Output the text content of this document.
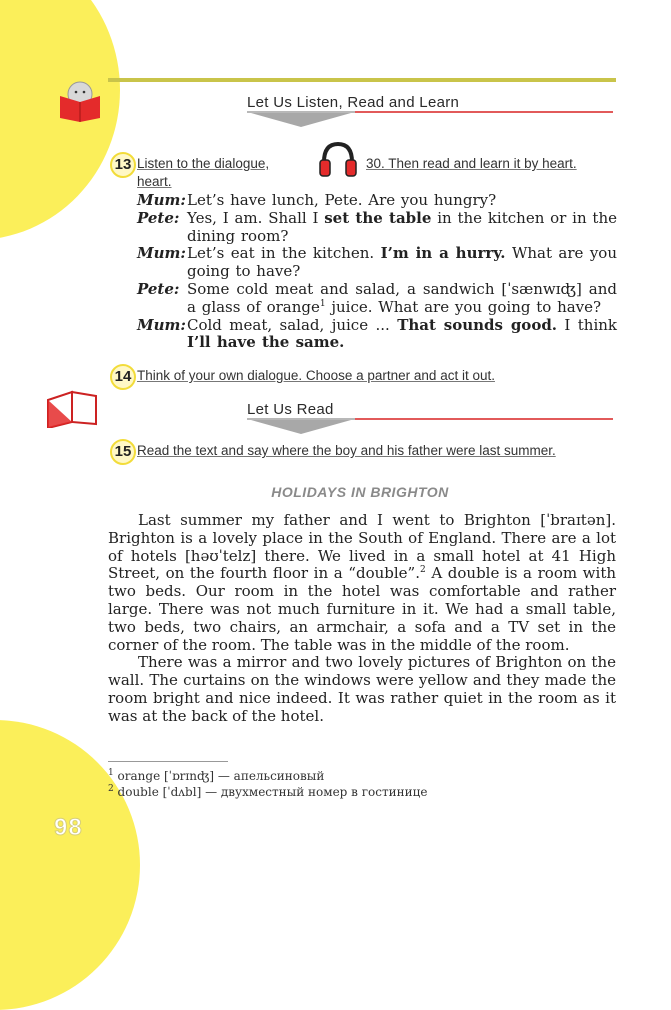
Let Us Listen, Read and Learn
13 Listen to the dialogue,	30. Then read and learn it by heart.
heart.
Mum: Let’s have lunch, Pete. Are you hungry?
Pete: Yes, I am. Shall I set the table in the kitchen or in the dining room?
Mum: Let’s eat in the kitchen. I’m in a hurry. What are you going to have?
Pete: Some cold meat and salad, a sandwich [ˈsænwɪʤ] and a glass of orange$^1$ juice. What are you going to have?
Mum: Cold meat, salad, juice ... That sounds good. I think I’ll have the same.
14 Think of your own dialogue. Choose a partner and act it out.
Let Us Read
15 Read the text and say where the boy and his father were last summer.
HOLIDAYS IN BRIGHTON

Last summer my father and I went to Brighton [ˈbraɪtən]. Brighton is a lovely place in the South of England. There are a lot of hotels [həʊˈtelz] there. We lived in a small hotel at 41 High Street, on the fourth floor in a “double”.$^2$ A double is a room with two beds. Our room in the hotel was comfortable and rather large. There was not much furniture in it. We had a small table, two beds, two chairs, an armchair, a sofa and a TV set in the corner of the room. The table was in the middle of the room.

There was a mirror and two lovely pictures of Brighton on the wall. The curtains on the windows were yellow and they made the room bright and nice indeed. It was rather quiet in the room as it was at the back of the hotel.

$^1$ orange [ˈɒrɪnʤ] — апельсиновый
$^2$ double [ˈdʌbl] — двухместный номер в гостинице
98
